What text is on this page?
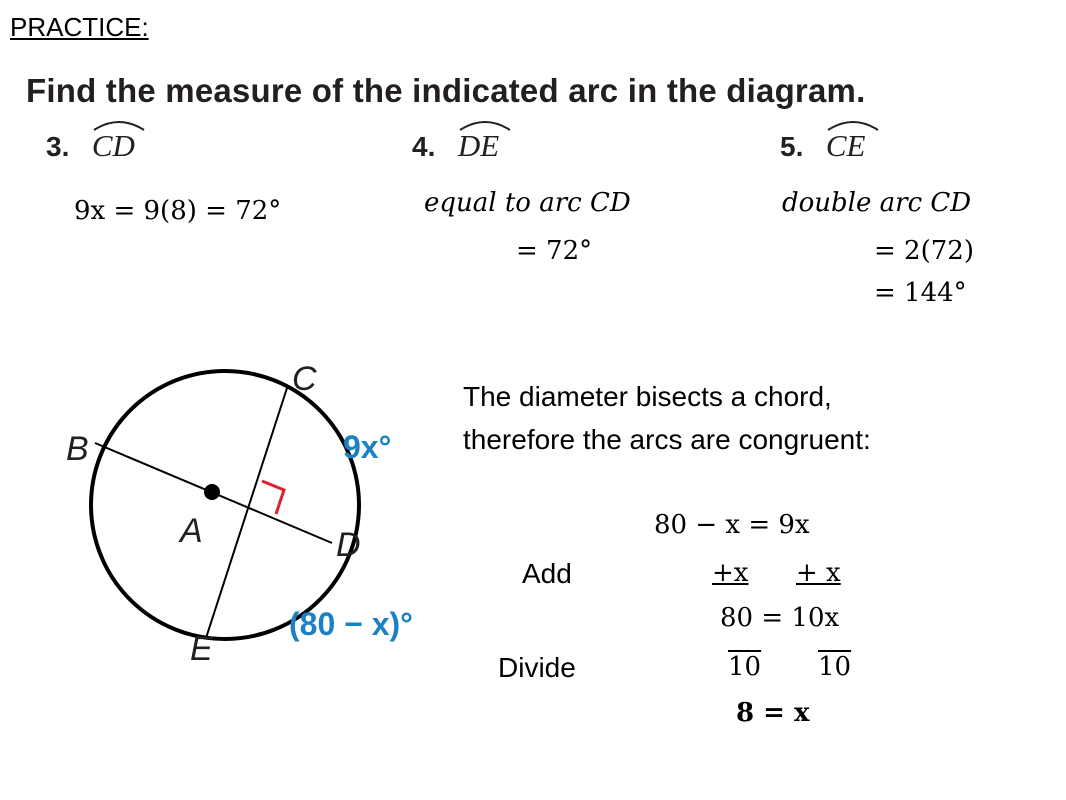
PRACTICE:
Find the measure of the indicated arc in the diagram.
3. CD
9x = 9(8) = 72°
4. DE
equal to arc CD
= 72°
5. CE
double arc CD
= 2(72)
= 144°
B
C
A	D
E
9x°
(80 − x)°
The diameter bisects a chord,
therefore the arcs are congruent:
80 − x = 9x
Add	+x + x
80 = 10x
Divide	10 10
8 = x
